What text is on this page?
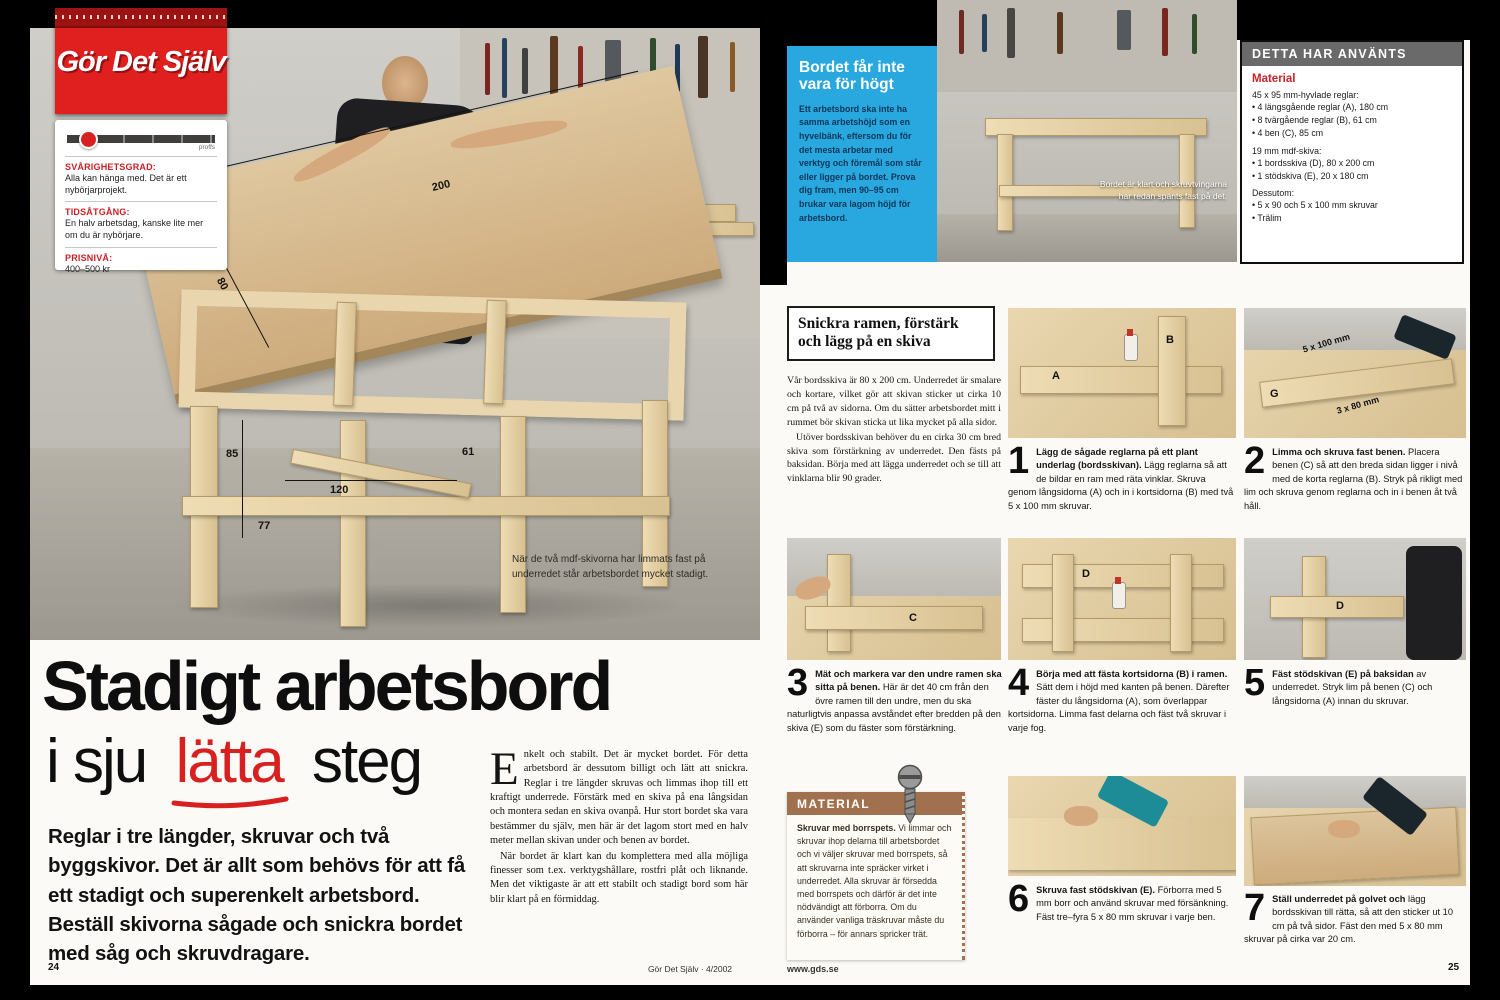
200
80
85	61
120
77
När de två mdf-skivorna har limmats fast på underredet står arbetsbordet mycket stadigt.
Gör Det Själv
proffs
SVÅRIGHETSGRAD:
Alla kan hänga med. Det är ett nybörjarprojekt.
TIDSÅTGÅNG:
En halv arbetsdag, kanske lite mer om du är nybörjare.
PRISNIVÅ:
400–500 kr
Stadigt arbetsbord
i sju lätta steg
Reglar i tre längder, skruvar och två byggskivor. Det är allt som behövs för att få ett stadigt och superenkelt arbetsbord. Beställ skivorna sågade och snickra bordet med såg och skruvdragare.
E nkelt och stabilt. Det är mycket bordet. För detta arbetsbord är dessutom billigt och lätt att snickra. Reglar i tre längder skruvas och limmas ihop till ett kraftigt underrede. Förstärk med en skiva på ena långsidan och montera sedan en skiva ovanpå. Hur stort bordet ska vara bestämmer du själv, men här är det lagom stort med en halv meter mellan skivan under och benen av bordet.

När bordet är klart kan du komplettera med alla möjliga finesser som t.ex. verktygshållare, rostfri plåt och liknande. Men det viktigaste är att ett stabilt och stadigt bord som här blir klart på en förmiddag.

24	Gör Det Själv · 4/2002	25
Bordet får inte vara för högt

Ett arbetsbord ska inte ha samma arbetshöjd som en hyvelbänk, eftersom du för det mesta arbetar med verktyg och föremål som står eller ligger på bordet. Prova dig fram, men 90–95 cm brukar vara lagom höjd för arbetsbord.

Bordet är klart och skruvtvingarna har redan spänts fast på det.
DETTA HAR ANVÄNTS
Material
45 x 95 mm-hyvlade reglar:
• 4 längsgående reglar (A), 180 cm
• 8 tvärgående reglar (B), 61 cm
• 4 ben (C), 85 cm
19 mm mdf-skiva:
• 1 bordsskiva (D), 80 x 200 cm
• 1 stödskiva (E), 20 x 180 cm
Dessutom:
• 5 x 90 och 5 x 100 mm skruvar
• Trälim
Snickra ramen, förstärk och lägg på en skiva

Vår bordsskiva är 80 x 200 cm. Underredet är smalare och kortare, vilket gör att skivan sticker ut cirka 10 cm på två av sidorna. Om du sätter arbetsbordet mitt i rummet bör skivan sticka ut lika mycket på alla sidor.

Utöver bordsskivan behöver du en cirka 30 cm bred skiva som förstärkning av underredet. Den fästs på baksidan. Börja med att lägga underredet och se till att vinklarna blir 90 grader.

A
B	5 x 100 mm
3 x 80 mm
G
1 Lägg de sågade reglarna på ett plant underlag (bordsskivan). Lägg reglarna så att de bildar en ram med räta vinklar. Skruva genom långsidorna (A) och in i kortsidorna (B) med två 5 x 100 mm skruvar.

2 Limma och skruva fast benen. Placera benen (C) så att den breda sidan ligger i nivå med de korta reglarna (B). Stryk på rikligt med lim och skruva genom reglarna och in i benen åt två håll.

C
D
D
3 Mät och markera var den undre ramen ska sitta på benen. Här är det 40 cm från den övre ramen till den undre, men du ska naturligtvis anpassa avståndet efter bredden på den skiva (E) som du fäster som förstärkning.

4 Börja med att fästa kortsidorna (B) i ramen. Sätt dem i höjd med kanten på benen. Därefter fäster du långsidorna (A), som överlappar kortsidorna. Limma fast delarna och fäst två skruvar i varje fog.

5 Fäst stödskivan (E) på baksidan av underredet. Stryk lim på benen (C) och långsidorna (A) innan du skruvar.

MATERIAL
Skruvar med borrspets. Vi limmar och skruvar ihop delarna till arbetsbordet och vi väljer skruvar med borrspets, så att skruvarna inte spräcker virket i underredet. Alla skruvar är försedda med borrspets och därför är det inte nödvändigt att förborra. Om du använder vanliga träskruvar måste du förborra – för annars spricker trät.
6 Skruva fast stödskivan (E). Förborra med 5 mm borr och använd skruvar med försänkning. Fäst tre–fyra 5 x 80 mm skruvar i varje ben. 7 Ställ underredet på golvet och lägg bordsskivan till rätta, så att den sticker ut 10 cm på två sidor. Fäst den med 5 x 80 mm skruvar på cirka var 20 cm.

www.gds.se
